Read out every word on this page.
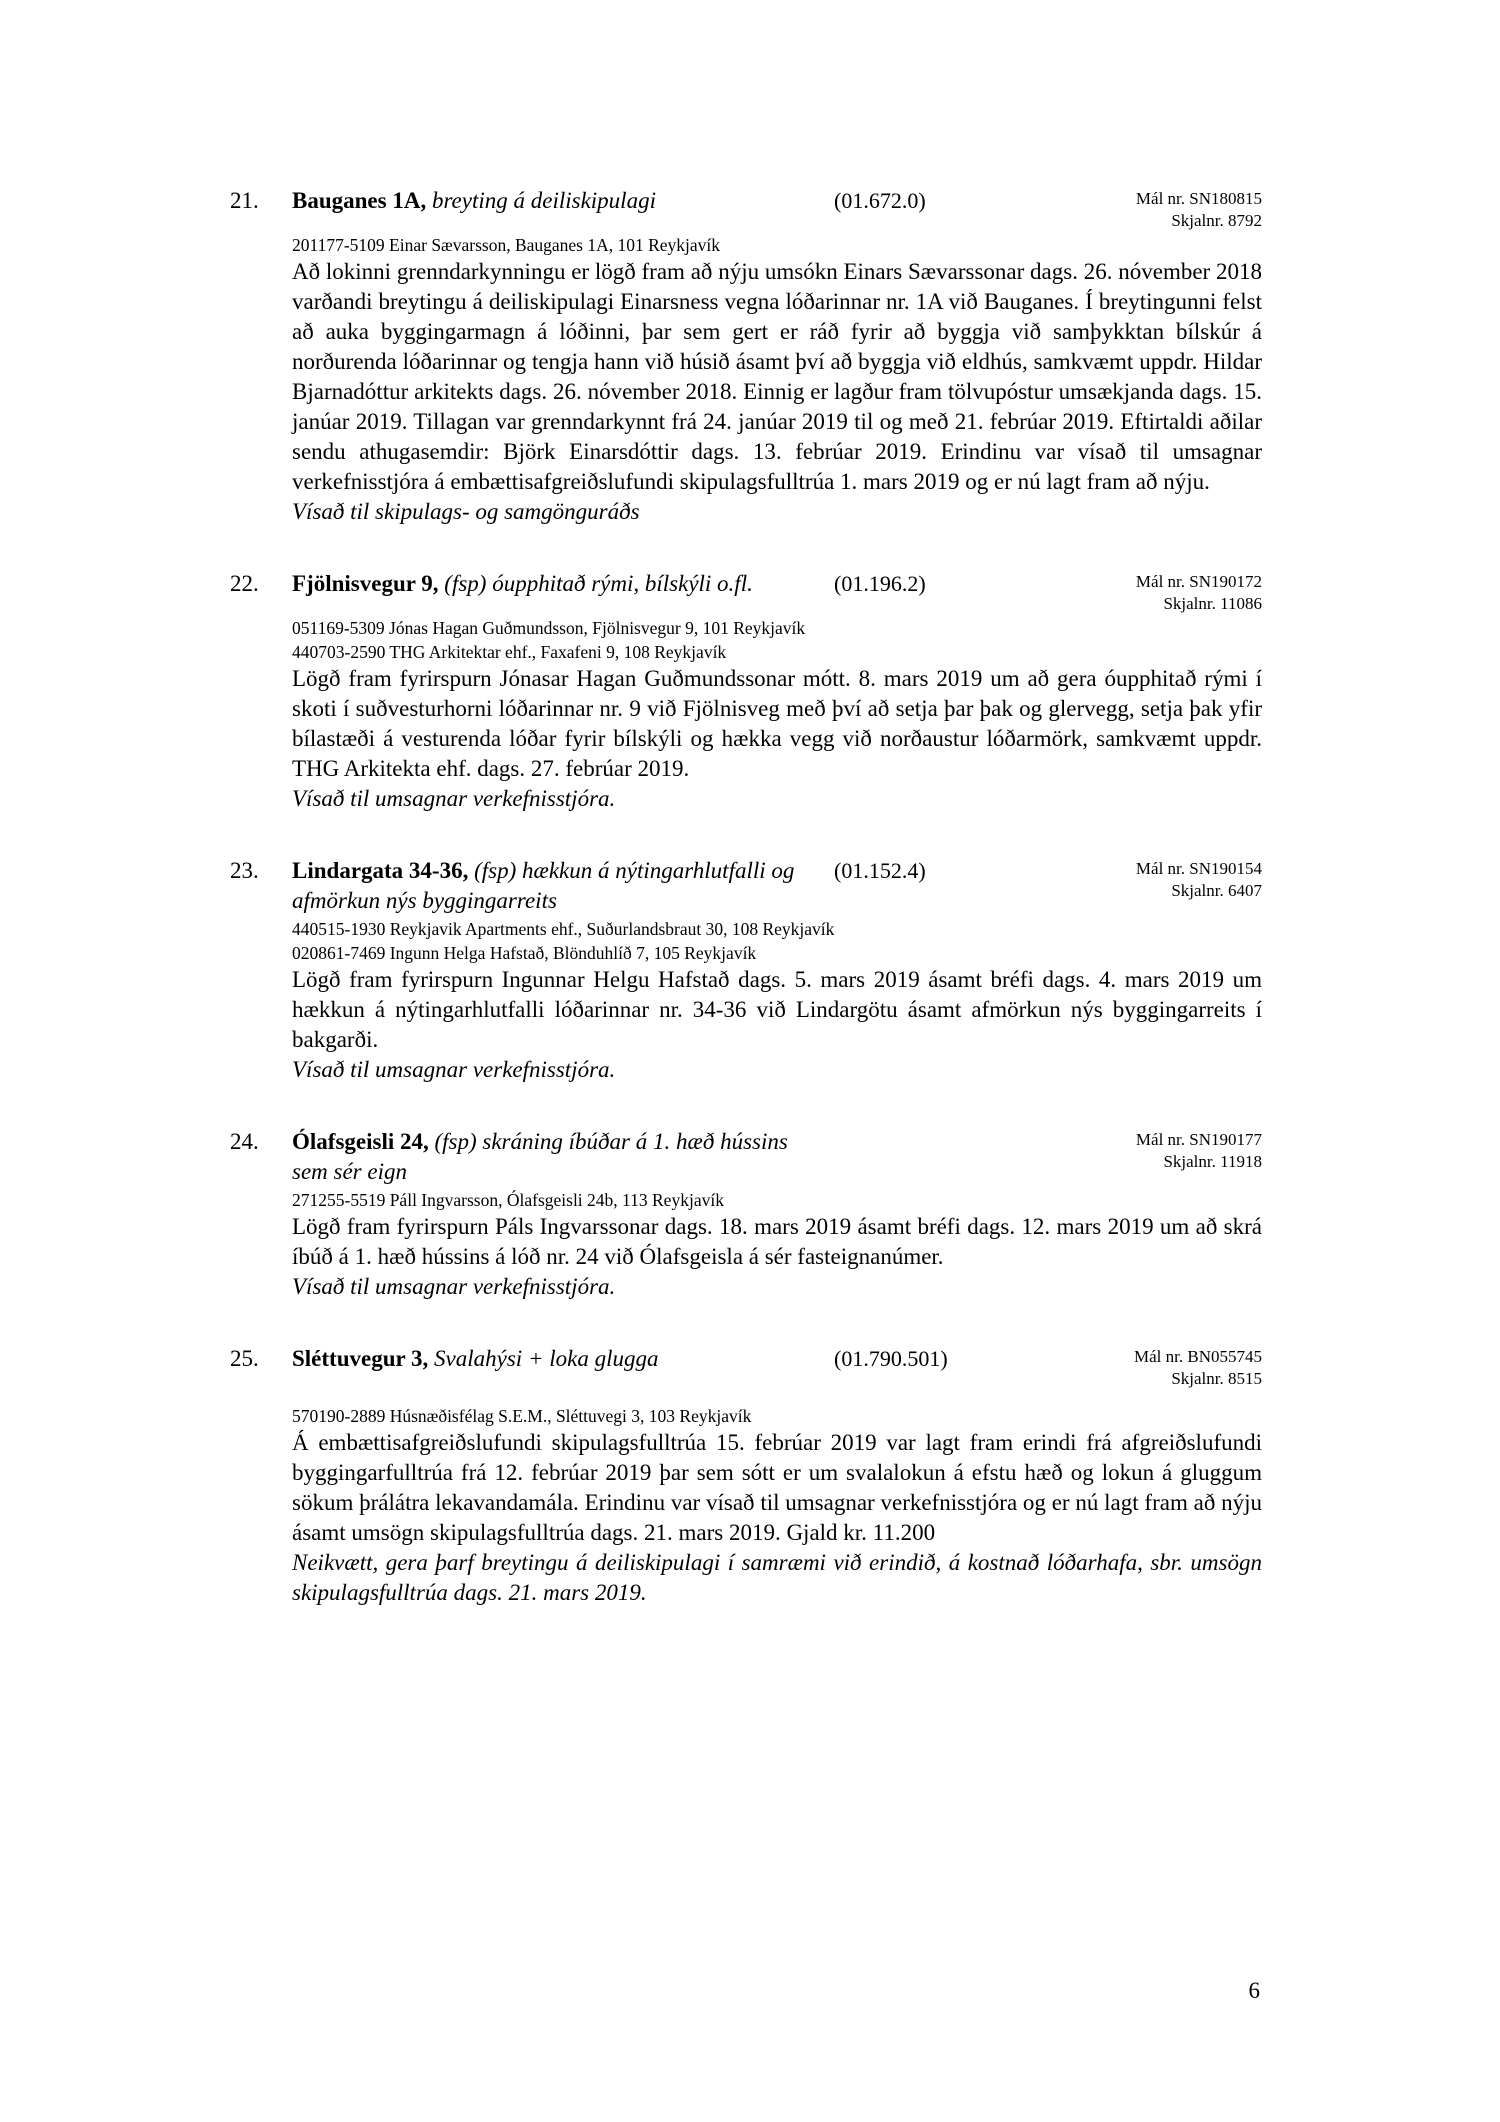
21.	Bauganes 1A, breyting á deiliskipulagi	(01.672.0)	Mál nr. SN180815
Skjalnr. 8792
201177-5109 Einar Sævarsson, Bauganes 1A, 101 Reykjavík
Að lokinni grenndarkynningu er lögð fram að nýju umsókn Einars Sævarssonar dags. 26. nóvember 2018 varðandi breytingu á deiliskipulagi Einarsness vegna lóðarinnar nr. 1A við Bauganes. Í breytingunni felst að auka byggingarmagn á lóðinni, þar sem gert er ráð fyrir að byggja við samþykktan bílskúr á norðurenda lóðarinnar og tengja hann við húsið ásamt því að byggja við eldhús, samkvæmt uppdr. Hildar Bjarnadóttur arkitekts dags. 26. nóvember 2018. Einnig er lagður fram tölvupóstur umsækjanda dags. 15. janúar 2019. Tillagan var grenndarkynnt frá 24. janúar 2019 til og með 21. febrúar 2019. Eftirtaldi aðilar sendu athugasemdir: Björk Einarsdóttir dags. 13. febrúar 2019. Erindinu var vísað til umsagnar verkefnisstjóra á embættisafgreiðslufundi skipulagsfulltrúa 1. mars 2019 og er nú lagt fram að nýju.
Vísað til skipulags- og samgönguráðs
22.	Fjölnisvegur 9, (fsp) óupphitað rými, bílskýli o.fl.	(01.196.2)	Mál nr. SN190172
Skjalnr. 11086
051169-5309 Jónas Hagan Guðmundsson, Fjölnisvegur 9, 101 Reykjavík
440703-2590 THG Arkitektar ehf., Faxafeni 9, 108 Reykjavík
Lögð fram fyrirspurn Jónasar Hagan Guðmundssonar mótt. 8. mars 2019 um að gera óupphitað rými í skoti í suðvesturhorni lóðarinnar nr. 9 við Fjölnisveg með því að setja þar þak og glervegg, setja þak yfir bílastæði á vesturenda lóðar fyrir bílskýli og hækka vegg við norðaustur lóðarmörk, samkvæmt uppdr. THG Arkitekta ehf. dags. 27. febrúar 2019.
Vísað til umsagnar verkefnisstjóra.
23.	Lindargata 34-36, (fsp) hækkun á nýtingarhlutfalli og afmörkun nýs byggingarreits
(01.152.4)	Mál nr. SN190154
Skjalnr. 6407
440515-1930 Reykjavik Apartments ehf., Suðurlandsbraut 30, 108 Reykjavík
020861-7469 Ingunn Helga Hafstað, Blönduhlíð 7, 105 Reykjavík
Lögð fram fyrirspurn Ingunnar Helgu Hafstað dags. 5. mars 2019 ásamt bréfi dags. 4. mars 2019 um hækkun á nýtingarhlutfalli lóðarinnar nr. 34-36 við Lindargötu ásamt afmörkun nýs byggingarreits í bakgarði.
Vísað til umsagnar verkefnisstjóra.
24.	Ólafsgeisli 24, (fsp) skráning íbúðar á 1. hæð hússins sem sér eign
Mál nr. SN190177
Skjalnr. 11918
271255-5519 Páll Ingvarsson, Ólafsgeisli 24b, 113 Reykjavík
Lögð fram fyrirspurn Páls Ingvarssonar dags. 18. mars 2019 ásamt bréfi dags. 12. mars 2019 um að skrá íbúð á 1. hæð hússins á lóð nr. 24 við Ólafsgeisla á sér fasteignanúmer.
Vísað til umsagnar verkefnisstjóra.
25.	Sléttuvegur 3, Svalahýsi + loka glugga	(01.790.501)	Mál nr. BN055745
Skjalnr. 8515
570190-2889 Húsnæðisfélag S.E.M., Sléttuvegi 3, 103 Reykjavík
Á embættisafgreiðslufundi skipulagsfulltrúa 15. febrúar 2019 var lagt fram erindi frá afgreiðslufundi byggingarfulltrúa frá 12. febrúar 2019 þar sem sótt er um svalalokun á efstu hæð og lokun á gluggum sökum þrálátra lekavandamála. Erindinu var vísað til umsagnar verkefnisstjóra og er nú lagt fram að nýju ásamt umsögn skipulagsfulltrúa dags. 21. mars 2019. Gjald kr. 11.200
Neikvætt, gera þarf breytingu á deiliskipulagi í samræmi við erindið, á kostnað lóðarhafa, sbr. umsögn skipulagsfulltrúa dags. 21. mars 2019.
6
